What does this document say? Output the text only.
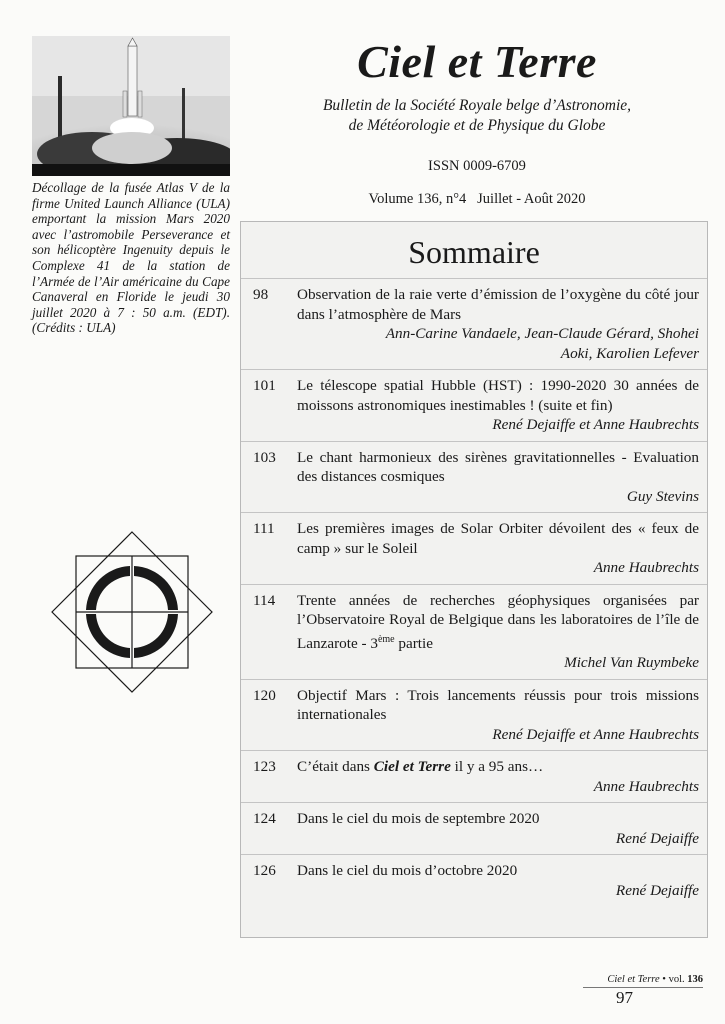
Décollage de la fusée Atlas V de la firme United Launch Alliance (ULA) emportant la mission Mars 2020 avec l’astromobile Perseverance et son hélicoptère Ingenuity depuis le Complexe 41 de la station de l’Armée de l’Air américaine du Cape Canaveral en Floride le jeudi 30 juillet 2020 à 7 : 50 a.m. (EDT). (Crédits : ULA)
Ciel et Terre
Bulletin de la Société Royale belge d’Astronomie,
de Météorologie et de Physique du Globe
ISSN 0009-6709
Volume 136, n°4   Juillet - Août 2020
Sommaire
98 Observation de la raie verte d’émission de l’oxygène du côté jour dans l’atmosphère de Mars
Ann-Carine Vandaele, Jean-Claude Gérard, Shohei Aoki, Karolien Lefever
101 Le télescope spatial Hubble (HST) : 1990-2020 30 années de moissons astronomiques inestimables ! (suite et fin)
René Dejaiffe et Anne Haubrechts
103 Le chant harmonieux des sirènes gravitationnelles - Evaluation des distances cosmiques
Guy Stevins
111 Les premières images de Solar Orbiter dévoilent des « feux de camp » sur le Soleil
Anne Haubrechts
114 Trente années de recherches géophysiques organisées par l’Observatoire Royal de Belgique dans les laboratoires de l’île de Lanzarote - 3ème partie
Michel Van Ruymbeke
120 Objectif Mars : Trois lancements réussis pour trois missions internationales
René Dejaiffe et Anne Haubrechts
123 C’était dans Ciel et Terre il y a 95 ans…
Anne Haubrechts
124 Dans le ciel du mois de septembre 2020
René Dejaiffe
126 Dans le ciel du mois d’octobre 2020
René Dejaiffe
Ciel et Terre • vol. 136
97
